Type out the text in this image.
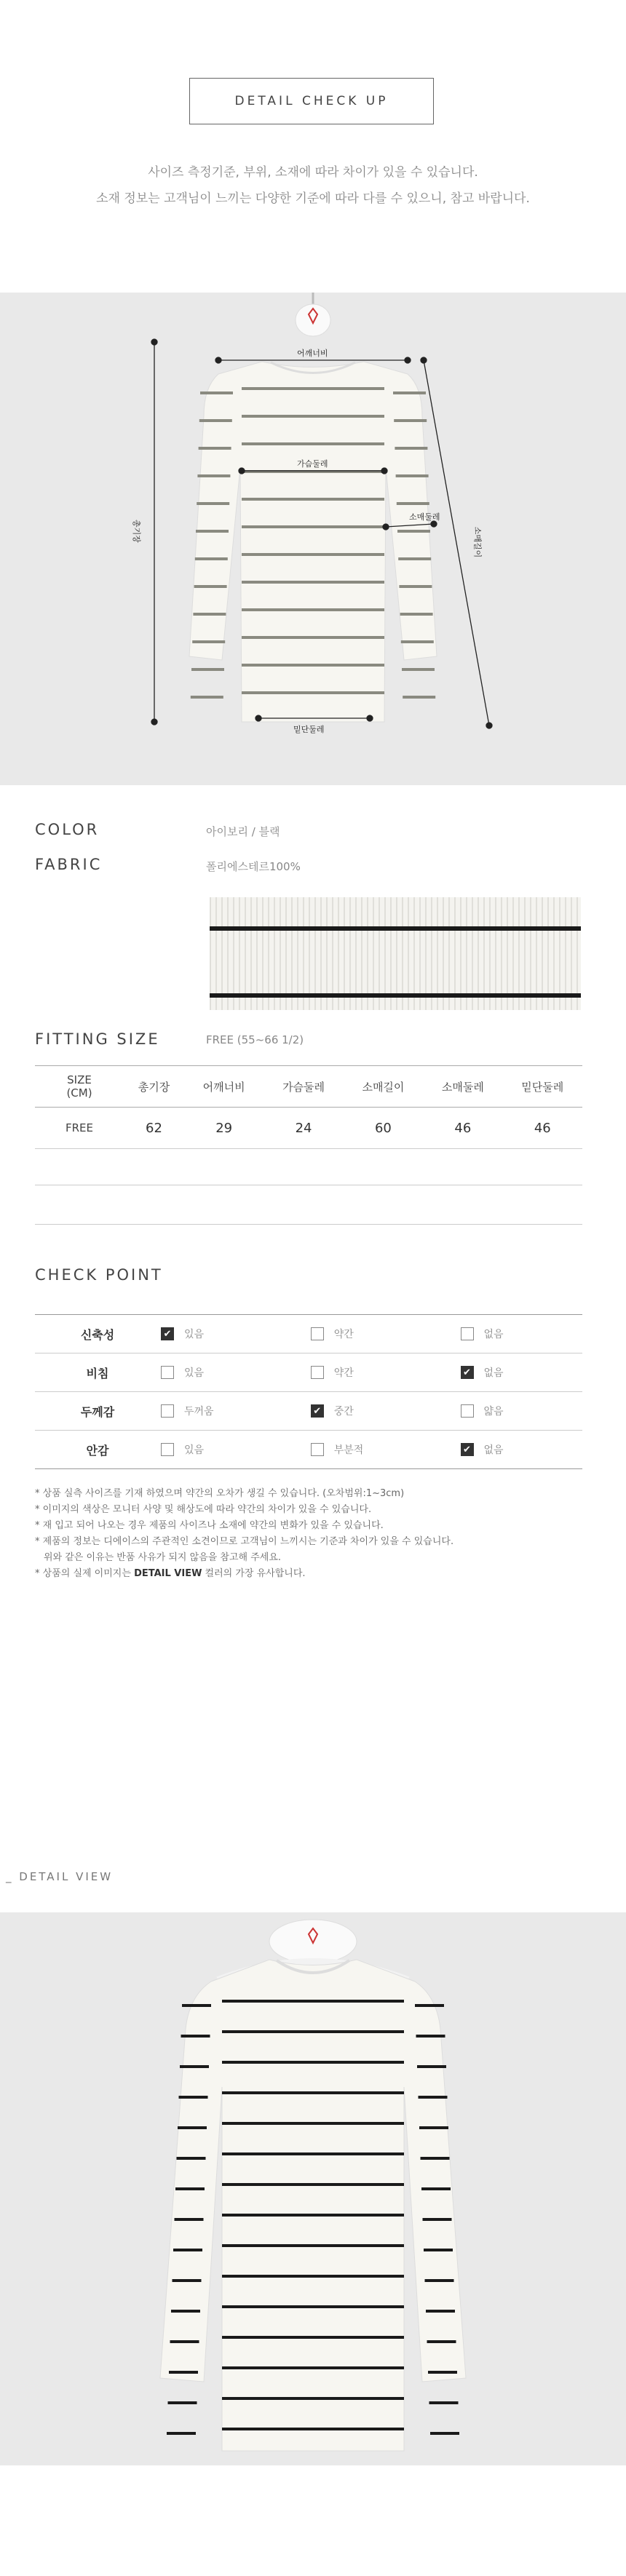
DETAIL CHECK UP
사이즈 측정기준, 부위, 소재에 따라 차이가 있을 수 있습니다.
소재 정보는 고객님이 느끼는 다양한 기준에 따라 다를 수 있으니, 참고 바랍니다.
어깨너비
가슴둘레
소매둘레
밑단둘레
총기장	소매길이
COLOR	아이보리 / 블랙
FABRIC	폴리에스테르100%
FITTING SIZE	FREE (55~66 1/2)
SIZE
(CM)	총기장	어깨너비	가슴둘레	소매길이	소매둘레	밑단둘레
FREE	62	29	24	60	46	46
CHECK POINT
신축성	✔ 있음	약간	없음

비침	있음	약간	✔ 없음

두께감	두꺼움	✔ 중간	얇음

안감	있음	부분적	✔ 없음
* 상품 실측 사이즈를 기재 하였으며 약간의 오차가 생길 수 있습니다. (오차범위:1~3cm)
* 이미지의 색상은 모니터 사양 및 해상도에 따라 약간의 차이가 있을 수 있습니다.
* 재 입고 되어 나오는 경우 제품의 사이즈나 소재에 약간의 변화가 있을 수 있습니다.
* 제품의 정보는 디에이스의 주관적인 소견이므로 고객님이 느끼시는 기준과 차이가 있을 수 있습니다.
위와 같은 이유는 반품 사유가 되지 않음을 참고해 주세요.
* 상품의 실제 이미지는 DETAIL VIEW 컬러의 가장 유사합니다.
_ DETAIL VIEW
